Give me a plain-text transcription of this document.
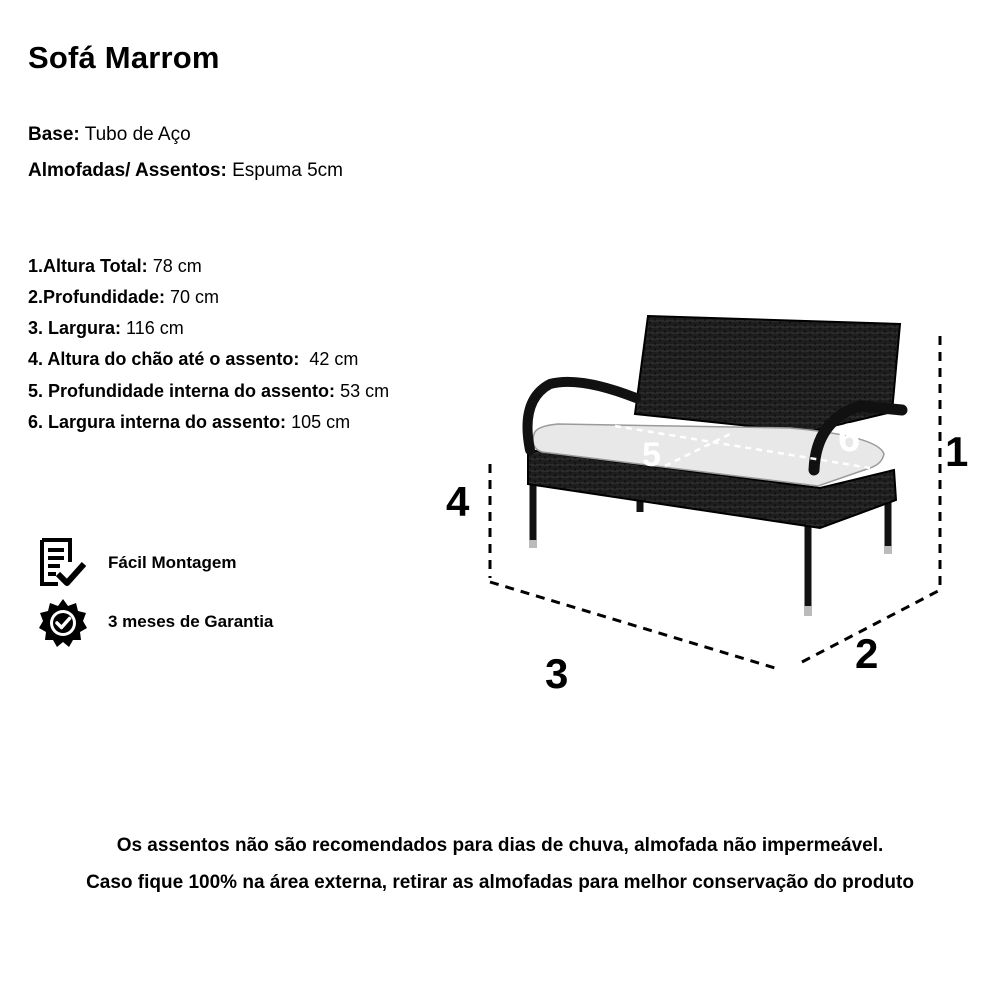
Sofá Marrom
Base: Tubo de Aço
Almofadas/ Assentos: Espuma 5cm
1.Altura Total: 78 cm
2.Profundidade: 70 cm
3. Largura: 116 cm
4. Altura do chão até o assento:  42 cm
5. Profundidade interna do assento: 53 cm
6. Largura interna do assento: 105 cm
Fácil Montagem
3 meses de Garantia
1
2
3
4
5	6
Os assentos não são recomendados para dias de chuva, almofada não impermeável.
Caso fique 100% na área externa, retirar as almofadas para melhor conservação do produto
